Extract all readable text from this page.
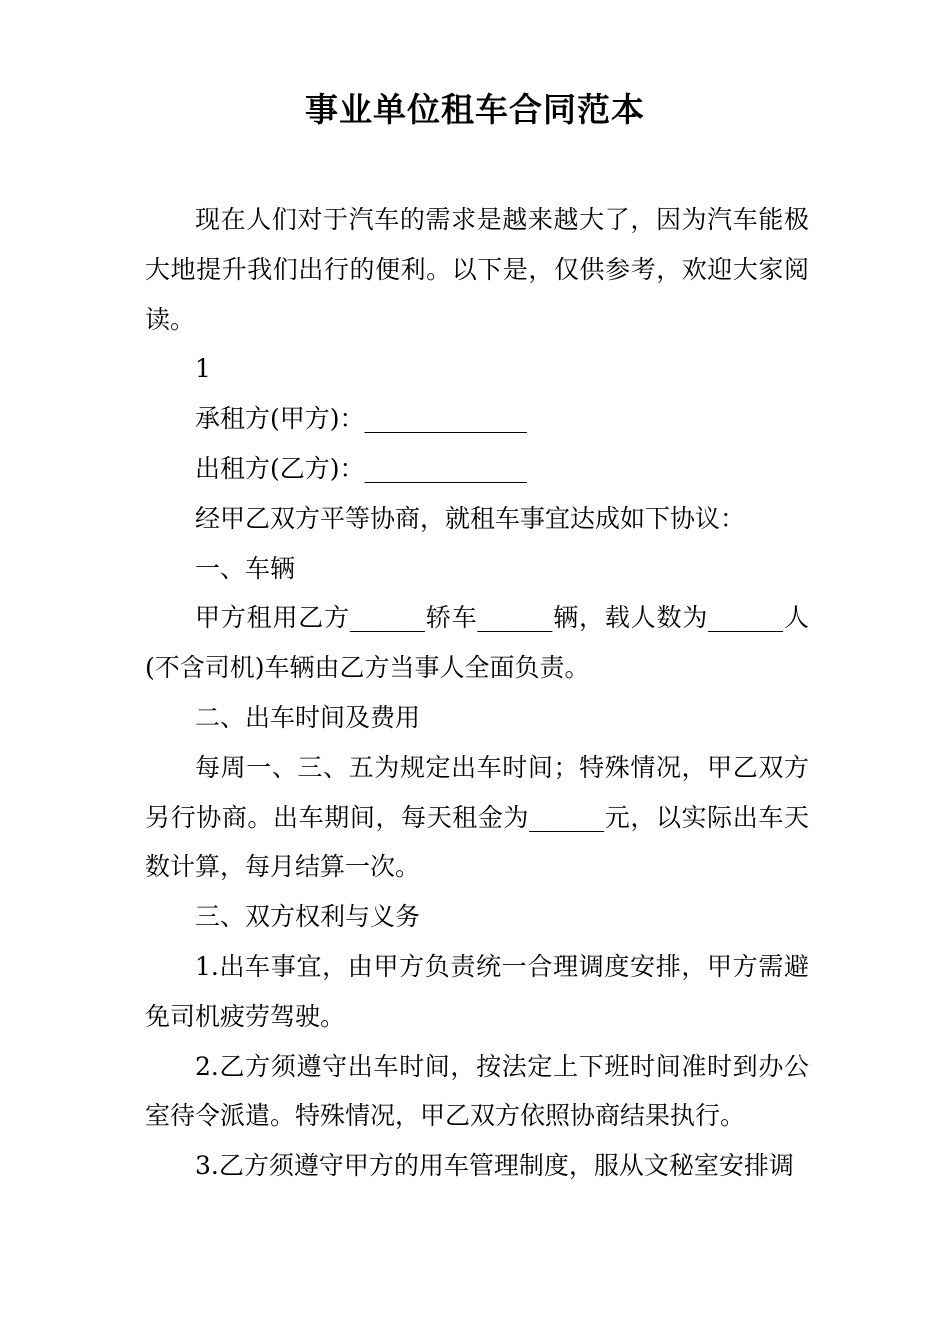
事业单位租车合同范本

现在人们对于汽车的需求是越来越大了，因为汽车能极大地提升我们出行的便利。以下是，仅供参考，欢迎大家阅读。

1

承租方(甲方)：_____________

出租方(乙方)：_____________

经甲乙双方平等协商，就租车事宜达成如下协议：

一、车辆

甲方租用乙方______轿车______辆，载人数为______人(不含司机)车辆由乙方当事人全面负责。

二、出车时间及费用

每周一、三、五为规定出车时间；特殊情况，甲乙双方另行协商。出车期间，每天租金为______元，以实际出车天数计算，每月结算一次。

三、双方权利与义务

1.出车事宜，由甲方负责统一合理调度安排，甲方需避免司机疲劳驾驶。

2.乙方须遵守出车时间，按法定上下班时间准时到办公室待令派遣。特殊情况，甲乙双方依照协商结果执行。

3.乙方须遵守甲方的用车管理制度，服从文秘室安排调
